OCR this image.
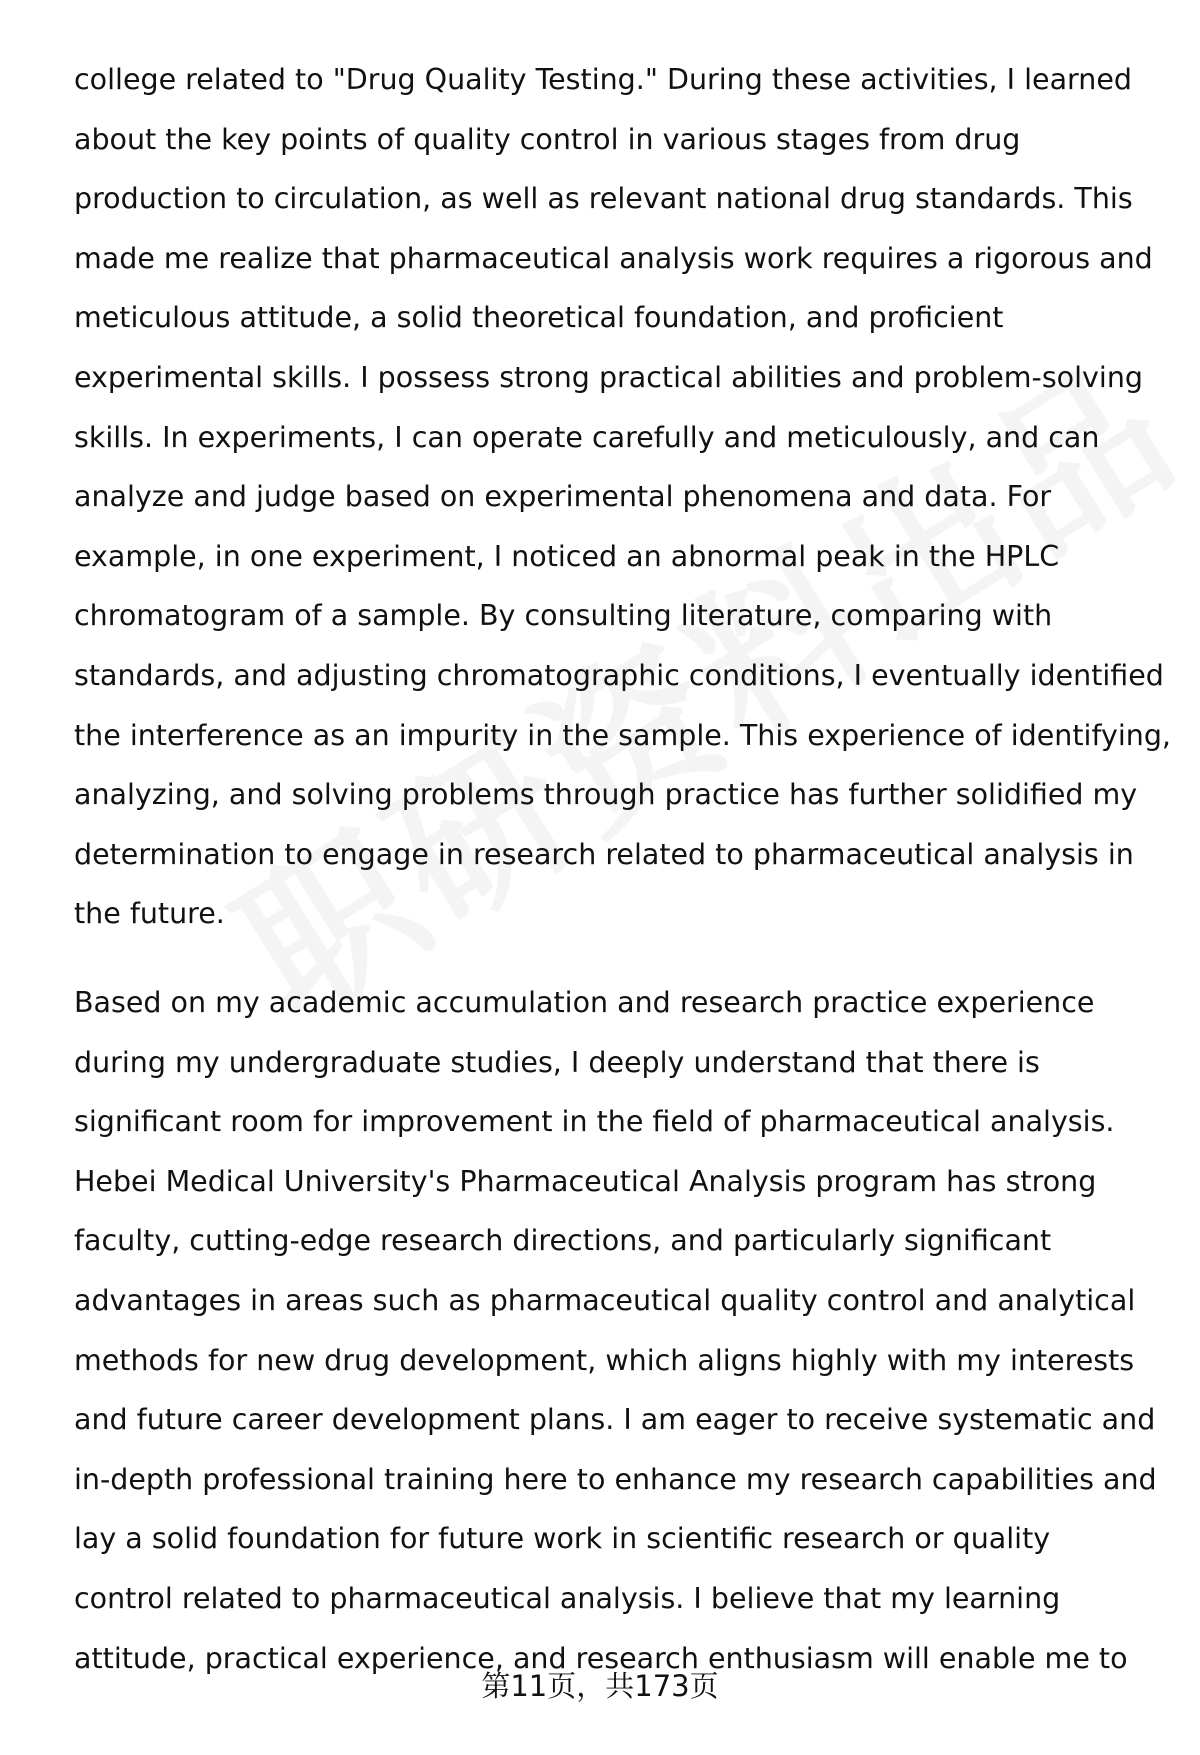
college related to "Drug Quality Testing." During these activities, I learned
about the key points of quality control in various stages from drug
production to circulation, as well as relevant national drug standards. This
made me realize that pharmaceutical analysis work requires a rigorous and
meticulous attitude, a solid theoretical foundation, and proficient
experimental skills. I possess strong practical abilities and problem-solving
skills. In experiments, I can operate carefully and meticulously, and can
analyze and judge based on experimental phenomena and data. For
example, in one experiment, I noticed an abnormal peak in the HPLC
chromatogram of a sample. By consulting literature, comparing with
standards, and adjusting chromatographic conditions, I eventually identified
the interference as an impurity in the sample. This experience of identifying,
analyzing, and solving problems through practice has further solidified my
determination to engage in research related to pharmaceutical analysis in
the future.
Based on my academic accumulation and research practice experience
during my undergraduate studies, I deeply understand that there is
significant room for improvement in the field of pharmaceutical analysis.
Hebei Medical University's Pharmaceutical Analysis program has strong
faculty, cutting-edge research directions, and particularly significant
advantages in areas such as pharmaceutical quality control and analytical
methods for new drug development, which aligns highly with my interests
and future career development plans. I am eager to receive systematic and
in-depth professional training here to enhance my research capabilities and
lay a solid foundation for future work in scientific research or quality
control related to pharmaceutical analysis. I believe that my learning
attitude, practical experience, and research enthusiasm will enable me to
第11页，共173页
